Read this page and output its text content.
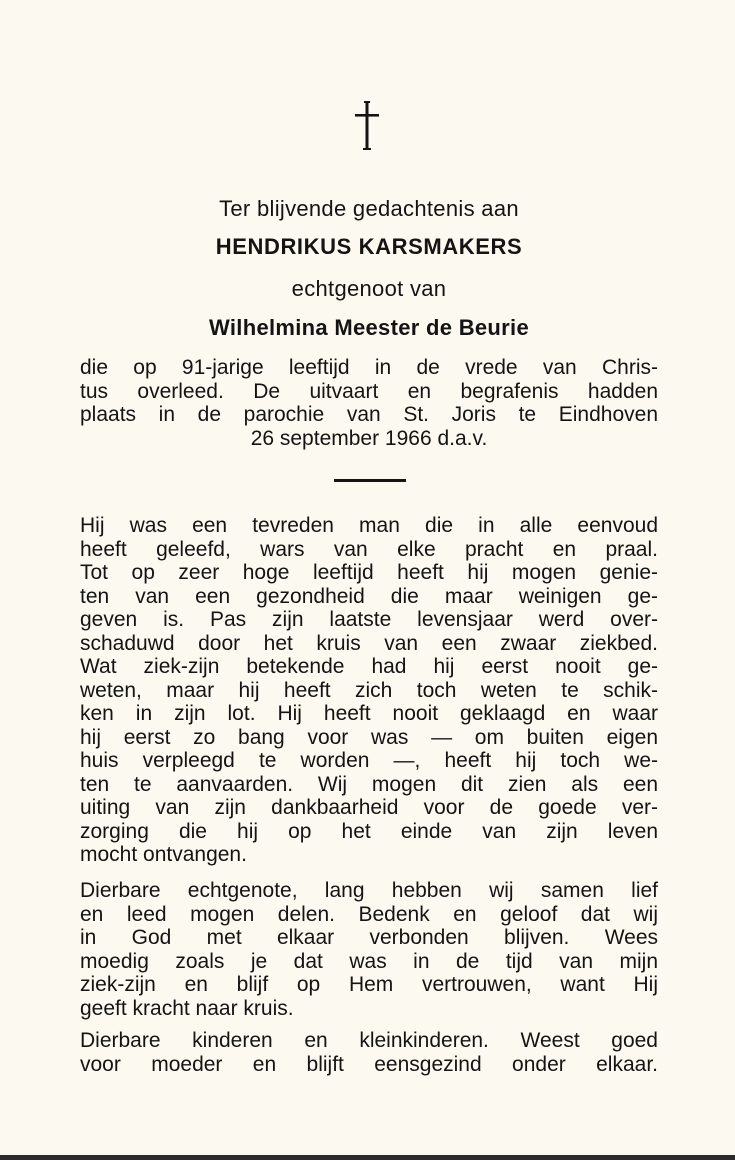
Ter blijvende gedachtenis aan
HENDRIKUS KARSMAKERS
echtgenoot van
Wilhelmina Meester de Beurie
die op 91-jarige leeftijd in de vrede van Chris-
tus overleed. De uitvaart en begrafenis hadden
plaats in de parochie van St. Joris te Eindhoven
26 september 1966 d.a.v.
Hij was een tevreden man die in alle eenvoud
heeft geleefd, wars van elke pracht en praal.
Tot op zeer hoge leeftijd heeft hij mogen genie-
ten van een gezondheid die maar weinigen ge-
geven is. Pas zijn laatste levensjaar werd over-
schaduwd door het kruis van een zwaar ziekbed.
Wat ziek-zijn betekende had hij eerst nooit ge-
weten, maar hij heeft zich toch weten te schik-
ken in zijn lot. Hij heeft nooit geklaagd en waar
hij eerst zo bang voor was — om buiten eigen
huis verpleegd te worden —, heeft hij toch we-
ten te aanvaarden. Wij mogen dit zien als een
uiting van zijn dankbaarheid voor de goede ver-
zorging die hij op het einde van zijn leven
mocht ontvangen.
Dierbare echtgenote, lang hebben wij samen lief
en leed mogen delen. Bedenk en geloof dat wij
in God met elkaar verbonden blijven. Wees
moedig zoals je dat was in de tijd van mijn
ziek-zijn en blijf op Hem vertrouwen, want Hij
geeft kracht naar kruis.
Dierbare kinderen en kleinkinderen. Weest goed
voor moeder en blijft eensgezind onder elkaar.
